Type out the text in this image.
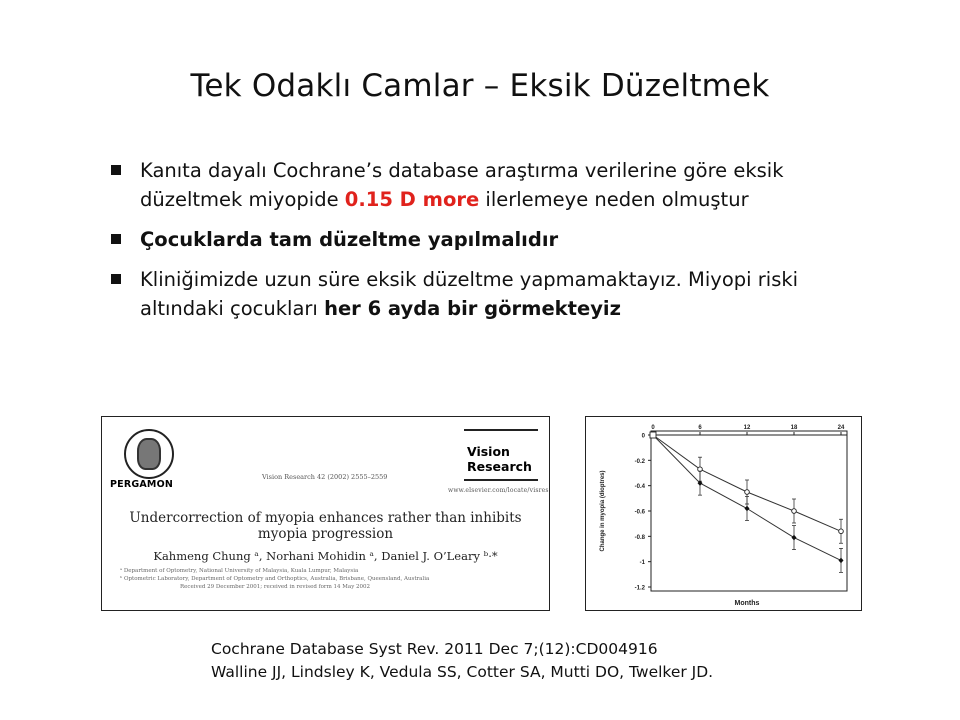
Tek Odaklı Camlar – Eksik Düzeltmek
Kanıta dayalı Cochrane’s database araştırma verilerine göre eksik düzeltmek miyopide 0.15 D more ilerlemeye neden olmuştur
Çocuklarda tam düzeltme yapılmalıdır
Kliniğimizde uzun süre eksik düzeltme yapmamaktayız. Miyopi riski altındaki çocukları her 6 ayda bir görmekteyiz
PERGAMON
Vision
Research
Vision Research 42 (2002) 2555–2559
www.elsevier.com/locate/visres
Undercorrection of myopia enhances rather than inhibits
myopia progression
Kahmeng Chung ᵃ, Norhani Mohidin ᵃ, Daniel J. O’Leary ᵇ·*
ᵃ Department of Optometry, National University of Malaysia, Kuala Lumpur, Malaysia
ᵇ Optometric Laboratory, Department of Optometry and Orthoptics, Australia, Brisbane, Queensland, Australia
Received 29 December 2001; received in revised form 14 May 2002
0
-0.2
-0.4
-0.6
-0.8
-1
-1.2
0	6	12	18	24
Months
Change in myopia (dioptres)
Cochrane Database Syst Rev. 2011 Dec 7;(12):CD004916
Walline JJ, Lindsley K, Vedula SS, Cotter SA, Mutti DO, Twelker JD.
